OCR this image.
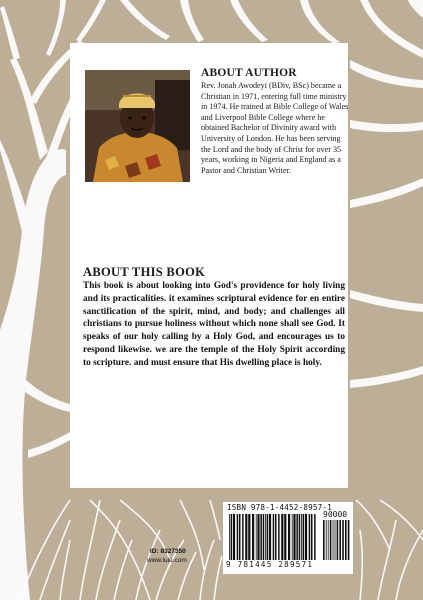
ABOUT AUTHOR
Rev. Jonah Awodeyi (BDiv, BSc) became a Christian in 1971, entering full time ministry in 1974. He trained at Bible College of Wales and Liverpool Bible College where he obtained Bachelor of Divinity award with University of London. He has been serving the Lord and the body of Christ for over 35 years, working in Nigeria and England as a Pastor and Christian Writer.
ABOUT THIS BOOK
This book is about looking into God's providence for holy living and its practicalities. it examines scriptural evidence for en entire sanctification of the spirit, mind, and body; and challenges all christians to pursue holiness without which none shall see God. It speaks of our holy calling by a Holy God, and encourages us to respond likewise. we are the temple of the Holy Spirit according to scripture. and must ensure that His dwelling place is holy.
ID: 8327350
www.lulu.com
ISBN 978-1-4452-8957-1
90000
9 781445 289571
